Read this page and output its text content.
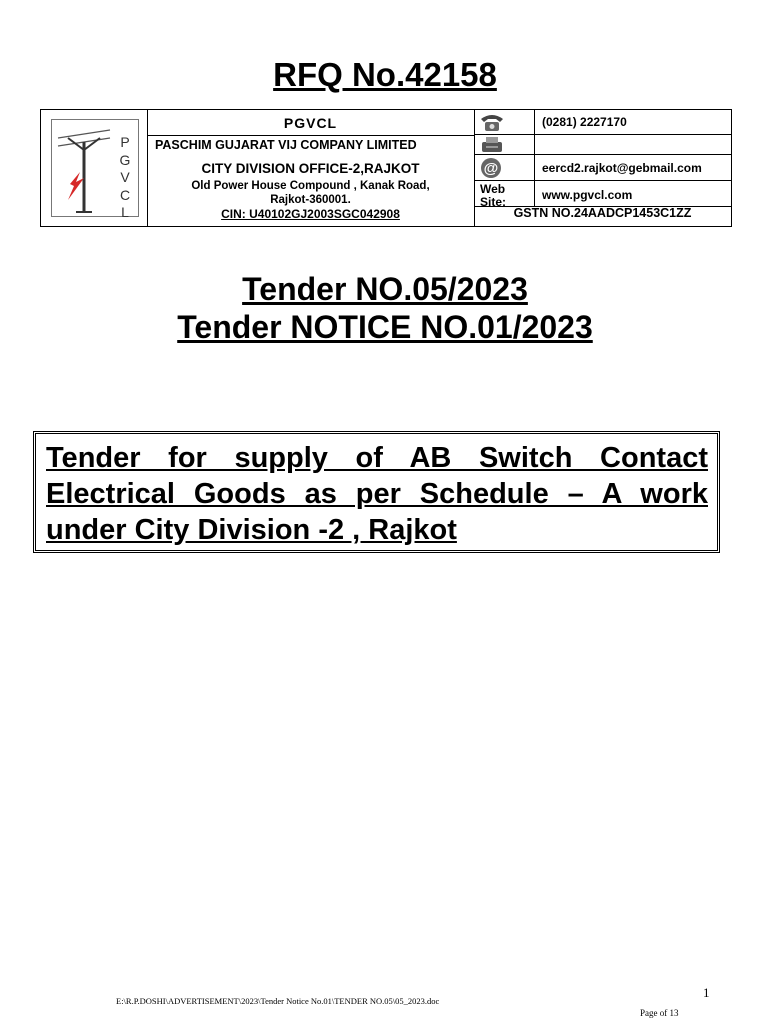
RFQ No.42158
P
G
V
C
L
PGVCL
PASCHIM GUJARAT VIJ COMPANY LIMITED
CITY DIVISION OFFICE-2,RAJKOT
Old Power House Compound , Kanak Road,
Rajkot-360001.
CIN: U40102GJ2003SGC042908
(0281) 2227170
@	eercd2.rajkot@gebmail.com
Web
Site:	www.pgvcl.com
GSTN NO.24AADCP1453C1ZZ
Tender NO.05/2023
Tender NOTICE NO.01/2023
Tender for supply of AB Switch Contact Electrical Goods as per Schedule – A work under City Division -2 , Rajkot
1
E:\R.P.DOSHI\ADVERTISEMENT\2023\Tender Notice No.01\TENDER NO.05\05_2023.doc
Page of 13
